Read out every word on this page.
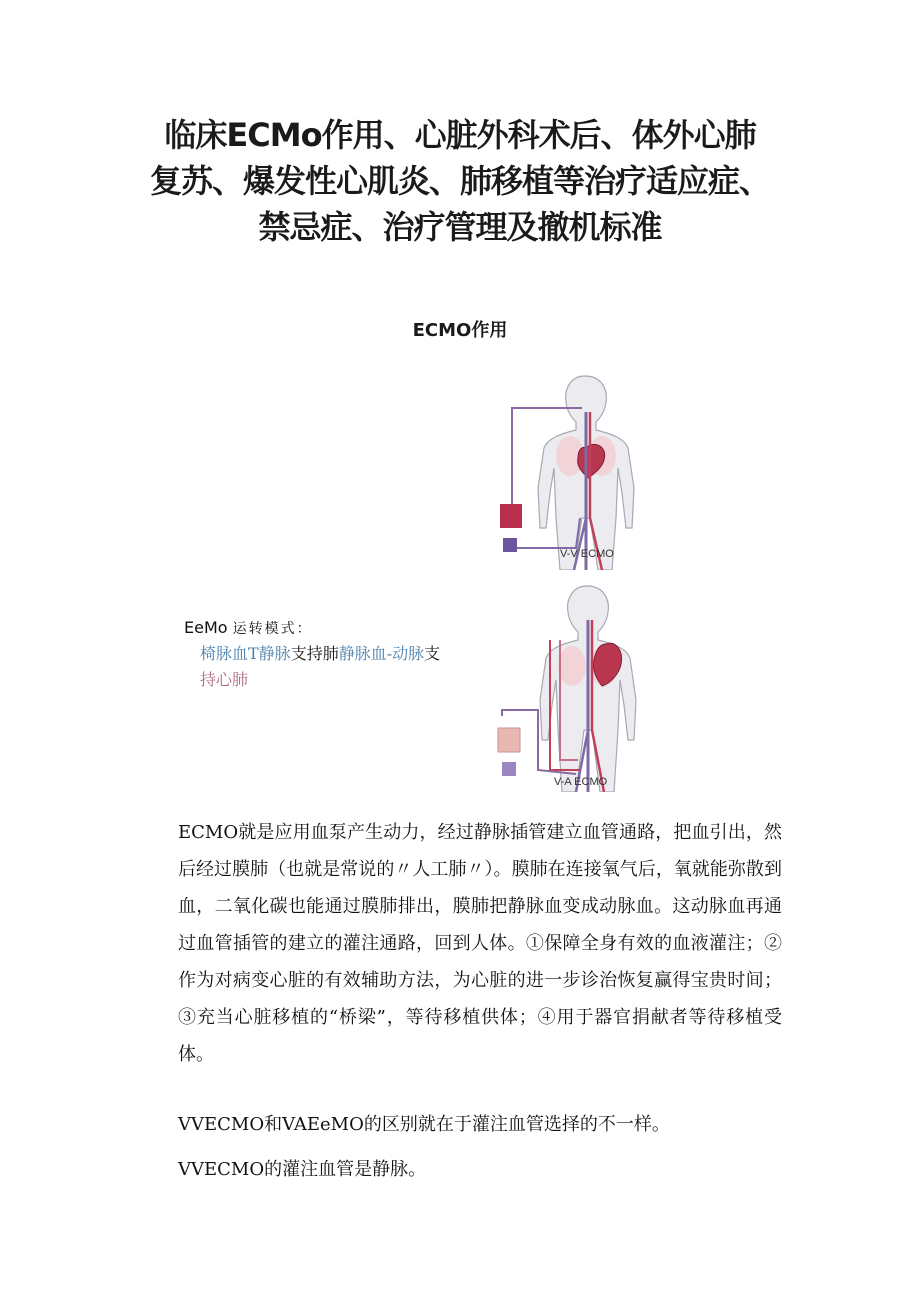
临床ECMo作用、心脏外科术后、体外心肺
复苏、爆发性心肌炎、肺移植等治疗适应症、
禁忌症、治疗管理及撤机标准
ECMO作用
V-V ECMO
V-A ECMO
EeMo 运转模式：
椅脉血T静脉支持肺静脉血-动脉支
持心肺

ECMO就是应用血泵产生动力，经过静脉插管建立血管通路，把血引出，然后经过膜肺（也就是常说的〃人工肺〃）。膜肺在连接氧气后，氧就能弥散到血，二氧化碳也能通过膜肺排出，膜肺把静脉血变成动脉血。这动脉血再通过血管插管的建立的灌注通路，回到人体。①保障全身有效的血液灌注；②作为对病变心脏的有效辅助方法，为心脏的进一步诊治恢复赢得宝贵时间；③充当心脏移植的“桥梁”，等待移植供体；④用于器官捐献者等待移植受体。

VVECMO和VAEeMO的区别就在于灌注血管选择的不一样。
VVECMO的灌注血管是静脉。
